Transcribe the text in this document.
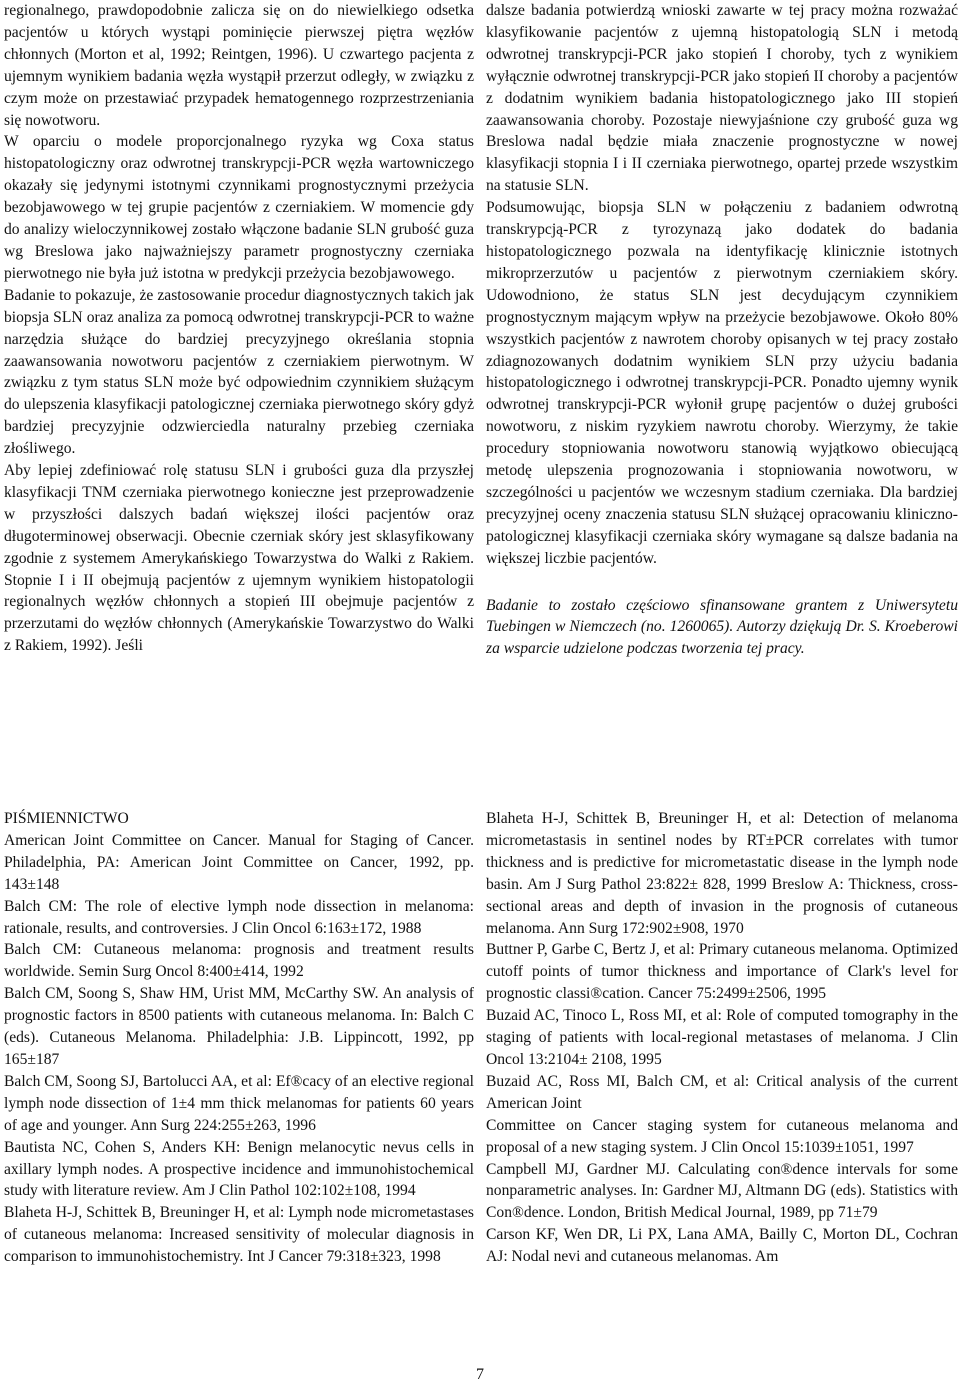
regionalnego, prawdopodobnie zalicza się on do niewielkiego odsetka pacjentów u których wystąpi pominięcie pierwszej piętra węzłów chłonnych (Morton et al, 1992; Reintgen, 1996). U czwartego pacjenta z ujemnym wynikiem badania węzła wystąpił przerzut odległy, w związku z czym może on przestawiać przypadek hematogennego rozprzestrzeniania się nowotworu.

W oparciu o modele proporcjonalnego ryzyka wg Coxa status histopatologiczny oraz odwrotnej transkrypcji-PCR węzła wartowniczego okazały się jedynymi istotnymi czynnikami prognostycznymi przeżycia bezobjawowego w tej grupie pacjentów z czerniakiem. W momencie gdy do analizy wieloczynnikowej zostało włączone badanie SLN grubość guza wg Breslowa jako najważniejszy parametr prognostyczny czerniaka pierwotnego nie była już istotna w predykcji przeżycia bezobjawowego.

Badanie to pokazuje, że zastosowanie procedur diagnostycznych takich jak biopsja SLN oraz analiza za pomocą odwrotnej transkrypcji-PCR to ważne narzędzia służące do bardziej precyzyjnego określania stopnia zaawansowania nowotworu pacjentów z czerniakiem pierwotnym. W związku z tym status SLN może być odpowiednim czynnikiem służącym do ulepszenia klasyfikacji patologicznej czerniaka pierwotnego skóry gdyż bardziej precyzyjnie odzwierciedla naturalny przebieg czerniaka złośliwego.

Aby lepiej zdefiniować rolę statusu SLN i grubości guza dla przyszłej klasyfikacji TNM czerniaka pierwotnego konieczne jest przeprowadzenie w przyszłości dalszych badań większej ilości pacjentów oraz długoterminowej obserwacji. Obecnie czerniak skóry jest sklasyfikowany zgodnie z systemem Amerykańskiego Towarzystwa do Walki z Rakiem. Stopnie I i II obejmują pacjentów z ujemnym wynikiem histopatologii regionalnych węzłów chłonnych a stopień III obejmuje pacjentów z przerzutami do węzłów chłonnych (Amerykańskie Towarzystwo do Walki z Rakiem, 1992). Jeśli

dalsze badania potwierdzą wnioski zawarte w tej pracy można rozważać klasyfikowanie pacjentów z ujemną histopatologią SLN i metodą odwrotnej transkrypcji-PCR jako stopień I choroby, tych z wynikiem wyłącznie odwrotnej transkrypcji-PCR jako stopień II choroby a pacjentów z dodatnim wynikiem badania histopatologicznego jako III stopień zaawansowania choroby. Pozostaje niewyjaśnione czy grubość guza wg Breslowa nadal będzie miała znaczenie prognostyczne w nowej klasyfikacji stopnia I i II czerniaka pierwotnego, opartej przede wszystkim na statusie SLN.

Podsumowując, biopsja SLN w połączeniu z badaniem odwrotną transkrypcją-PCR z tyrozynazą jako dodatek do badania histopatologicznego pozwala na identyfikację klinicznie istotnych mikroprzerzutów u pacjentów z pierwotnym czerniakiem skóry. Udowodniono, że status SLN jest decydującym czynnikiem prognostycznym mającym wpływ na przeżycie bezobjawowe. Około 80% wszystkich pacjentów z nawrotem choroby opisanych w tej pracy zostało zdiagnozowanych dodatnim wynikiem SLN przy użyciu badania histopatologicznego i odwrotnej transkrypcji-PCR. Ponadto ujemny wynik odwrotnej transkrypcji-PCR wyłonił grupę pacjentów o dużej grubości nowotworu, z niskim ryzykiem nawrotu choroby. Wierzymy, że takie procedury stopniowania nowotworu stanowią wyjątkowo obiecującą metodę ulepszenia prognozowania i stopniowania nowotworu, w szczególności u pacjentów we wczesnym stadium czerniaka. Dla bardziej precyzyjnej oceny znaczenia statusu SLN służącej opracowaniu kliniczno-patologicznej klasyfikacji czerniaka skóry wymagane są dalsze badania na większej liczbie pacjentów.

Badanie to zostało częściowo sfinansowane grantem z Uniwersytetu Tuebingen w Niemczech (no. 1260065). Autorzy dziękują Dr. S. Kroeberowi za wsparcie udzielone podczas tworzenia tej pracy.

PIŚMIENNICTWO

American Joint Committee on Cancer. Manual for Staging of Cancer. Philadelphia, PA: American Joint Committee on Cancer, 1992, pp. 143±148

Balch CM: The role of elective lymph node dissection in melanoma: rationale, results, and controversies. J Clin Oncol 6:163±172, 1988

Balch CM: Cutaneous melanoma: prognosis and treatment results worldwide. Semin Surg Oncol 8:400±414, 1992

Balch CM, Soong S, Shaw HM, Urist MM, McCarthy SW. An analysis of prognostic factors in 8500 patients with cutaneous melanoma. In: Balch C (eds). Cutaneous Melanoma. Philadelphia: J.B. Lippincott, 1992, pp 165±187

Balch CM, Soong SJ, Bartolucci AA, et al: Ef®cacy of an elective regional lymph node dissection of 1±4 mm thick melanomas for patients 60 years of age and younger. Ann Surg 224:255±263, 1996

Bautista NC, Cohen S, Anders KH: Benign melanocytic nevus cells in axillary lymph nodes. A prospective incidence and immunohistochemical study with literature review. Am J Clin Pathol 102:102±108, 1994

Blaheta H-J, Schittek B, Breuninger H, et al: Lymph node micrometastases of cutaneous melanoma: Increased sensitivity of molecular diagnosis in comparison to immunohistochemistry. Int J Cancer 79:318±323, 1998

Blaheta H-J, Schittek B, Breuninger H, et al: Detection of melanoma micrometastasis in sentinel nodes by RT±PCR correlates with tumor thickness and is predictive for micrometastatic disease in the lymph node basin. Am J Surg Pathol 23:822± 828, 1999 Breslow A: Thickness, cross-sectional areas and depth of invasion in the prognosis of cutaneous melanoma. Ann Surg 172:902±908, 1970

Buttner P, Garbe C, Bertz J, et al: Primary cutaneous melanoma. Optimized cutoff points of tumor thickness and importance of Clark's level for prognostic classi®cation. Cancer 75:2499±2506, 1995

Buzaid AC, Tinoco L, Ross MI, et al: Role of computed tomography in the staging of patients with local-regional metastases of melanoma. J Clin Oncol 13:2104± 2108, 1995

Buzaid AC, Ross MI, Balch CM, et al: Critical analysis of the current American Joint

Committee on Cancer staging system for cutaneous melanoma and proposal of a new staging system. J Clin Oncol 15:1039±1051, 1997

Campbell MJ, Gardner MJ. Calculating con®dence intervals for some nonparametric analyses. In: Gardner MJ, Altmann DG (eds). Statistics with Con®dence. London, British Medical Journal, 1989, pp 71±79

Carson KF, Wen DR, Li PX, Lana AMA, Bailly C, Morton DL, Cochran AJ: Nodal nevi and cutaneous melanomas. Am

7
